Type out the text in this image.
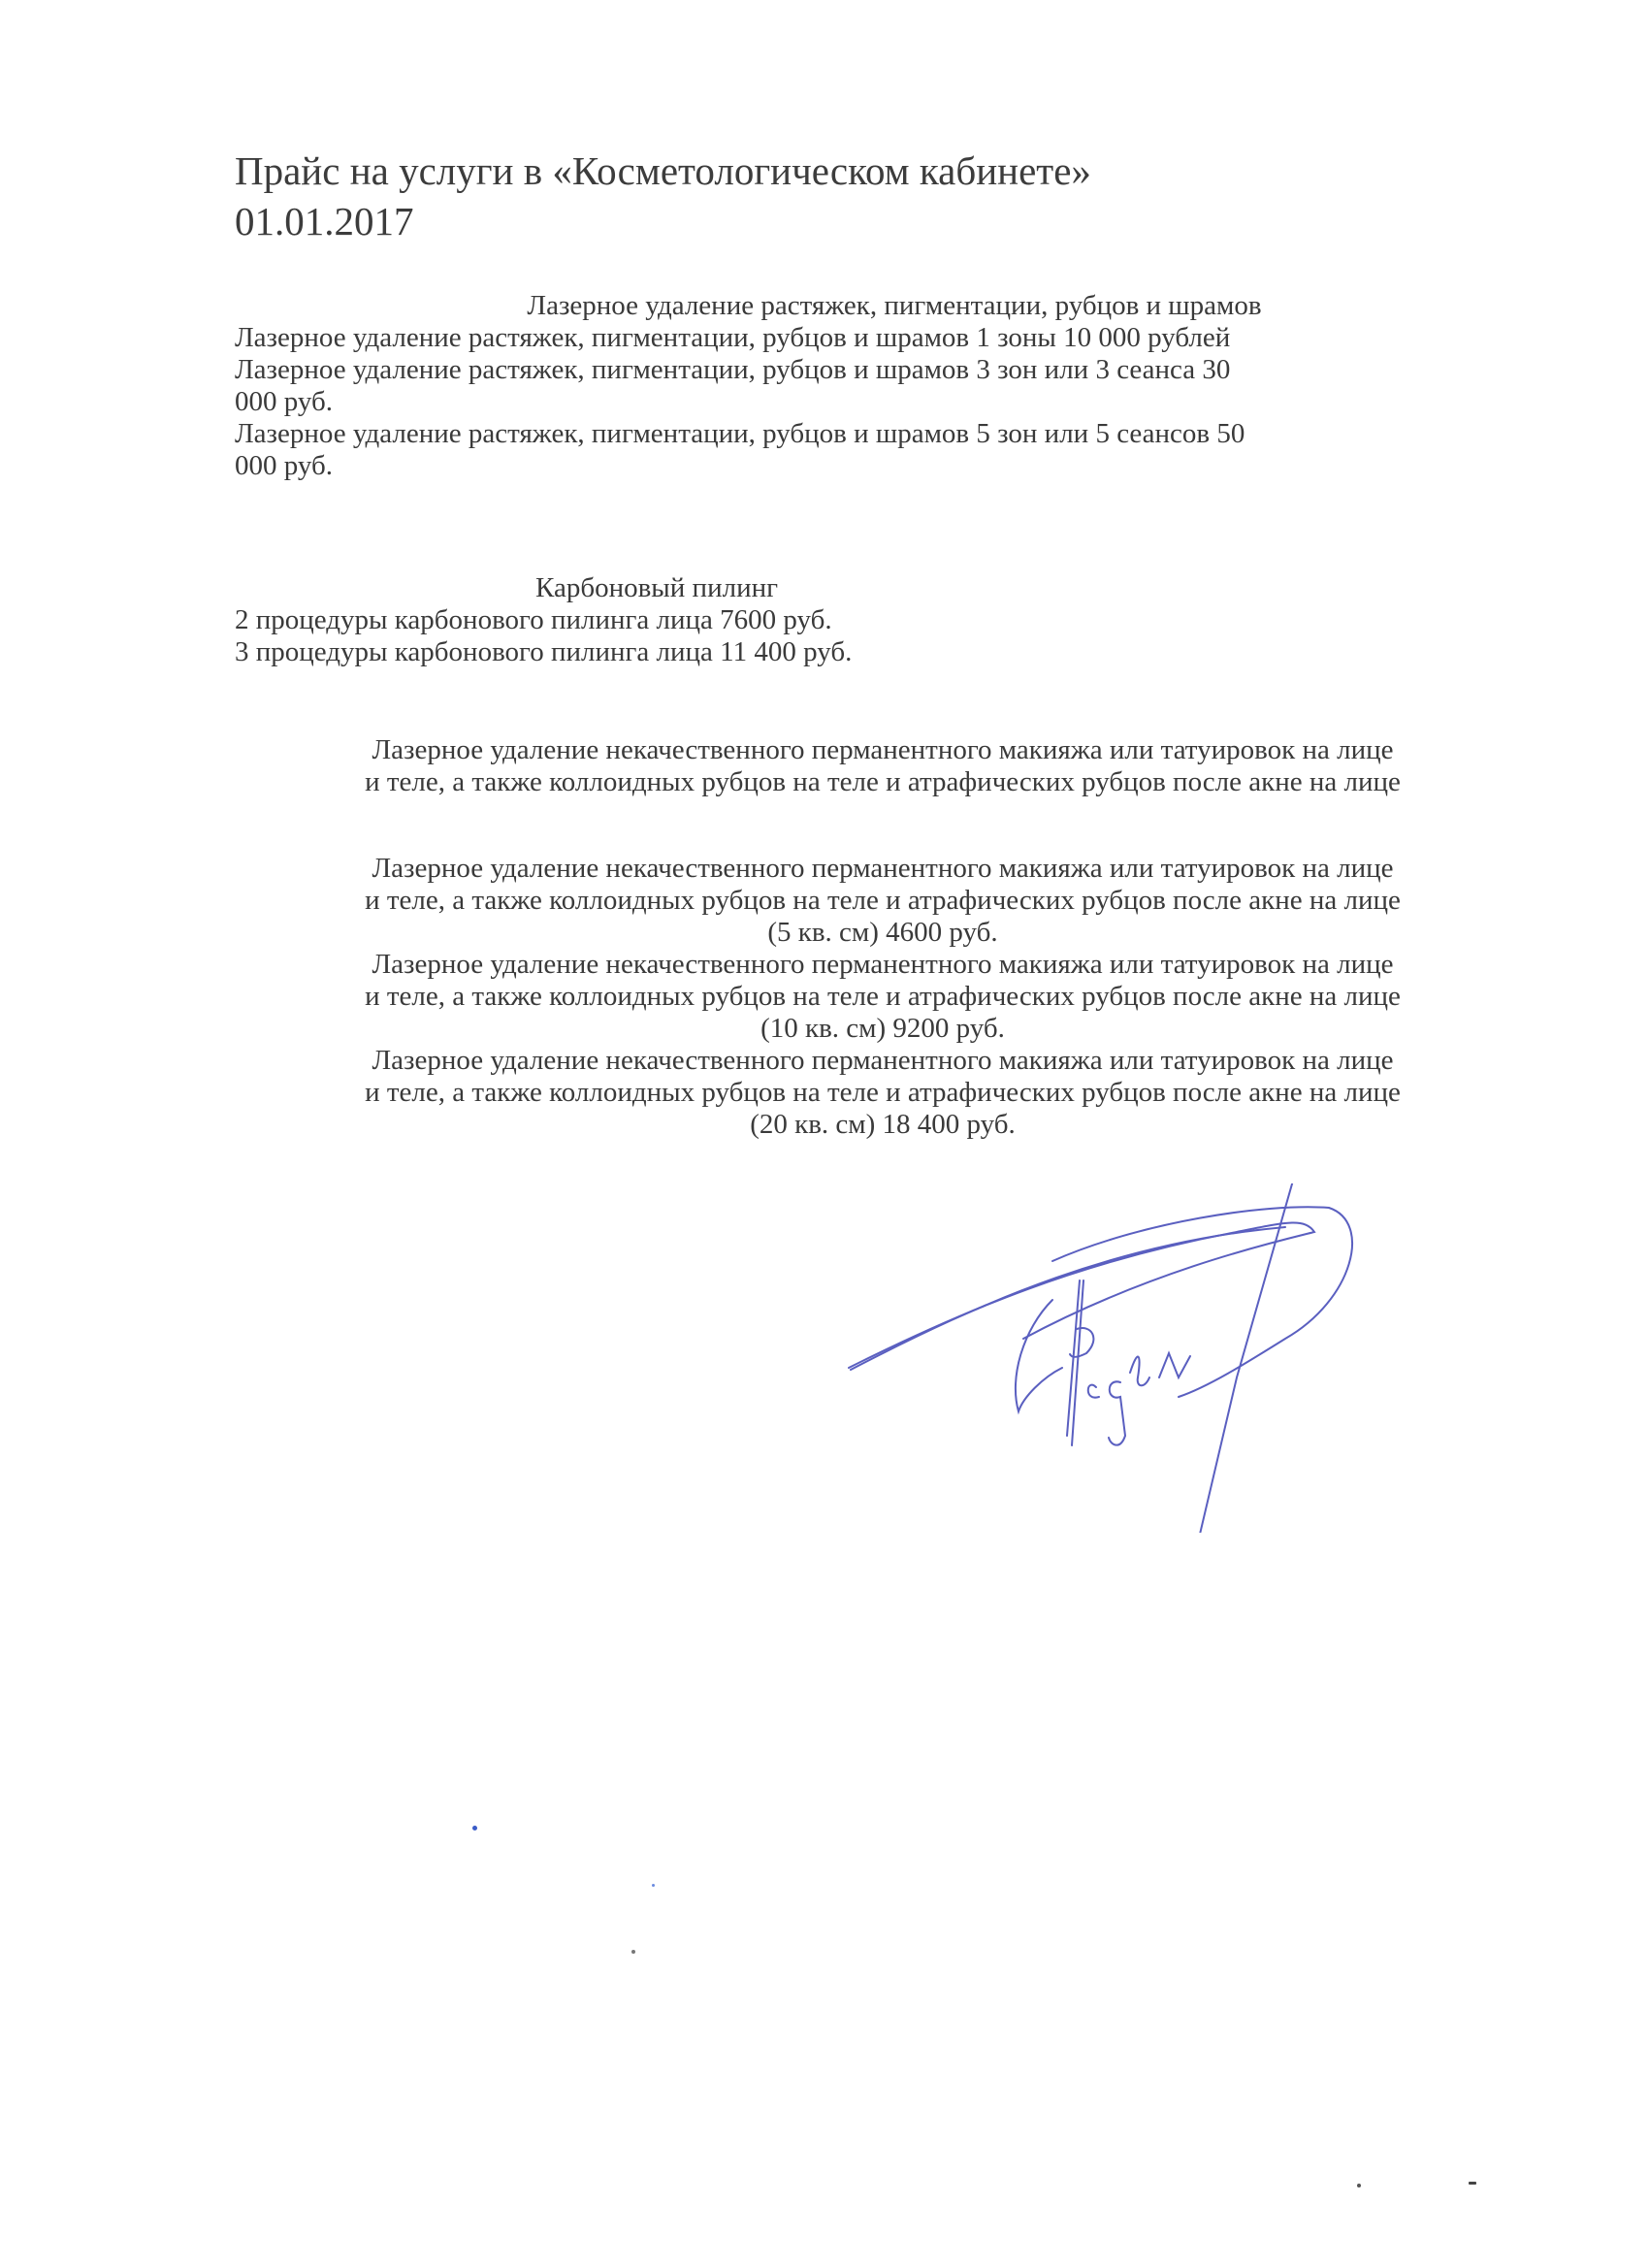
Прайс на услуги в «Косметологическом кабинете»
01.01.2017
Лазерное удаление растяжек, пигментации, рубцов и шрамов
Лазерное удаление растяжек, пигментации, рубцов и шрамов 1 зоны 10 000 рублей
Лазерное удаление растяжек, пигментации, рубцов и шрамов 3 зон или 3 сеанса 30
000 руб.
Лазерное удаление растяжек, пигментации, рубцов и шрамов 5 зон или 5 сеансов 50
000 руб.
Карбоновый пилинг
2 процедуры карбонового пилинга лица 7600 руб.
3 процедуры карбонового пилинга лица 11 400 руб.
Лазерное удаление некачественного перманентного макияжа или татуировок на лице
и теле, а также коллоидных рубцов на теле и атрафических рубцов после акне на лице
Лазерное удаление некачественного перманентного макияжа или татуировок на лице
и теле, а также коллоидных рубцов на теле и атрафических рубцов после акне на лице
(5 кв. см) 4600 руб.
Лазерное удаление некачественного перманентного макияжа или татуировок на лице
и теле, а также коллоидных рубцов на теле и атрафических рубцов после акне на лице
(10 кв. см) 9200 руб.
Лазерное удаление некачественного перманентного макияжа или татуировок на лице
и теле, а также коллоидных рубцов на теле и атрафических рубцов после акне на лице
(20 кв. см) 18 400 руб.
